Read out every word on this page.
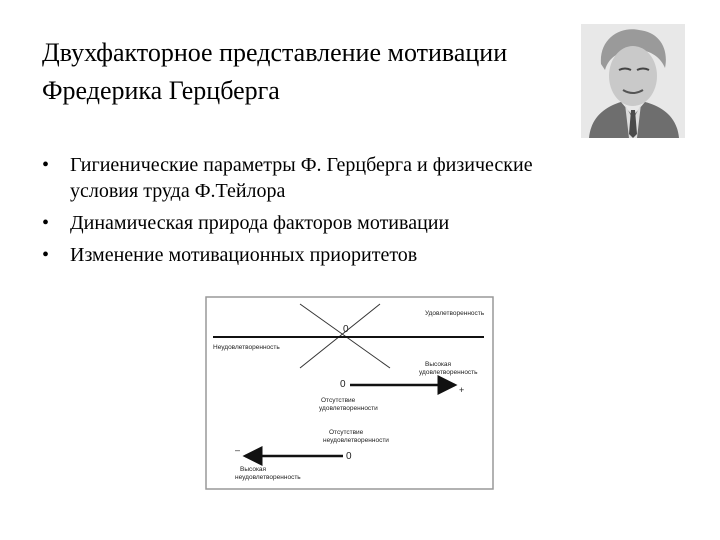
Двухфакторное представление мотивации
Фредерика Герцберга
• Гигиенические параметры Ф. Герцберга и физические
условия труда Ф.Тейлора
• Динамическая природа факторов мотивации
• Изменение мотивационных приоритетов
0
Удовлетворенность
Неудовлетворенность
0
Высокая
удовлетворенность
+
Отсутствие
удовлетворенности
Отсутствие
неудовлетворенности
–
0
Высокая
неудовлетворенность
